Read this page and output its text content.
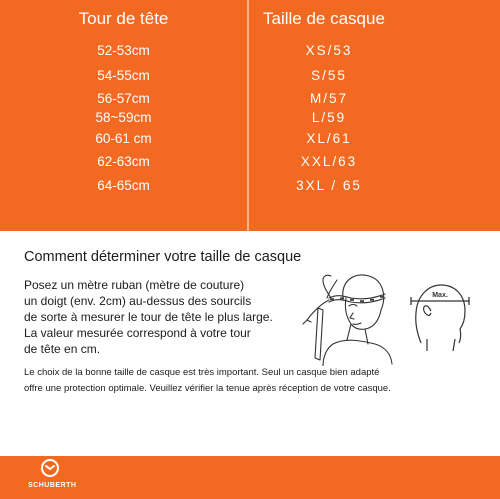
Tour de tête	Taille de casque
52-53cm	XS/53
54-55cm	S/55
56-57cm	M/57
58~59cm	L/59
60-61 cm	XL/61
62-63cm	XXL/63
64-65cm	3XL / 65
Comment déterminer votre taille de casque
Posez un mètre ruban (mètre de couture)
un doigt (env. 2cm) au-dessus des sourcils
de sorte à mesurer le tour de tête le plus large.
La valeur mesurée correspond à votre tour
de tête en cm.
Max.
Le choix de la bonne taille de casque est très important. Seul un casque bien adapté
offre une protection optimale. Veuillez vérifier la tenue après réception de votre casque.
SCHUBERTH
